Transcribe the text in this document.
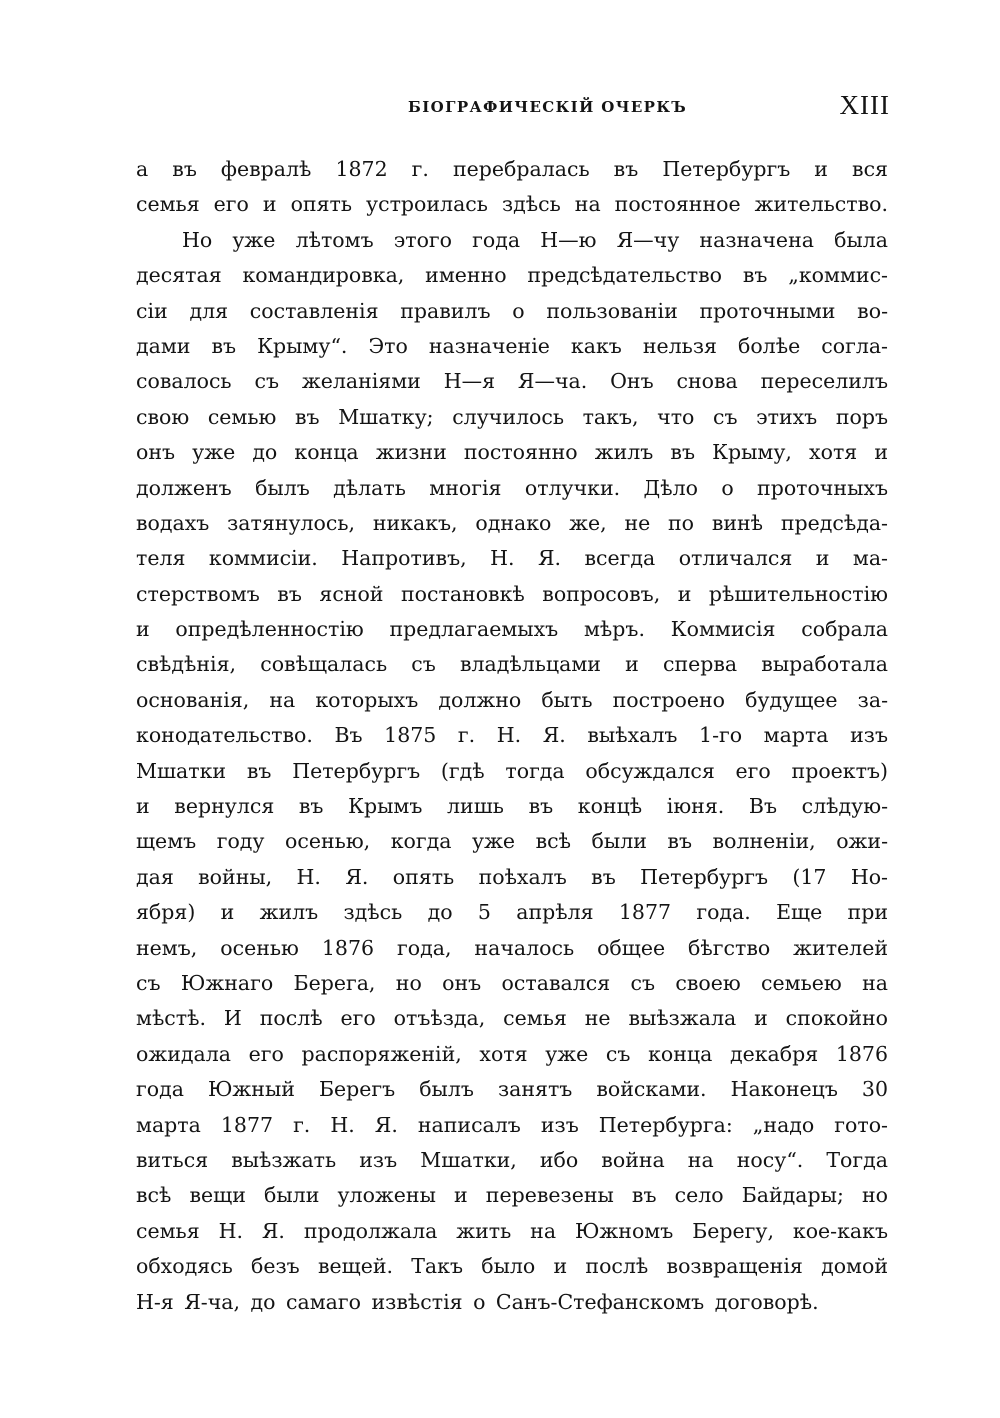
БIОГРАФИЧЕСКIЙ ОЧЕРКЪ	XIII
а въ февралѣ 1872 г. перебралась въ Петербургъ и вся
семья его и опять устроилась здѣсь на постоянное жительство.
Но уже лѣтомъ этого года Н—ю Я—чу назначена была
десятая командировка, именно предсѣдательство въ „коммис-
сiи для составленiя правилъ о пользованiи проточными во-
дами въ Крыму“. Это назначенiе какъ нельзя болѣе согла-
совалось съ желанiями Н—я Я—ча. Онъ снова переселилъ
свою семью въ Мшатку; случилось такъ, что съ этихъ поръ
онъ уже до конца жизни постоянно жилъ въ Крыму, хотя и
долженъ былъ дѣлать многiя отлучки. Дѣло о проточныхъ
водахъ затянулось, никакъ, однако же, не по винѣ предсѣда-
теля коммисiи. Напротивъ, Н. Я. всегда отличался и ма-
стерствомъ въ ясной постановкѣ вопросовъ, и рѣшительностiю
и опредѣленностiю предлагаемыхъ мѣръ. Коммисiя собрала
свѣдѣнiя, совѣщалась съ владѣльцами и сперва выработала
основанiя, на которыхъ должно быть построено будущее за-
конодательство. Въ 1875 г. Н. Я. выѣхалъ 1-го марта изъ
Мшатки въ Петербургъ (гдѣ тогда обсуждался его проектъ)
и вернулся въ Крымъ лишь въ концѣ iюня. Въ слѣдую-
щемъ году осенью, когда уже всѣ были въ волненiи, ожи-
дая войны, Н. Я. опять поѣхалъ въ Петербургъ (17 Но-
ября) и жилъ здѣсь до 5 апрѣля 1877 года. Еще при
немъ, осенью 1876 года, началось общее бѣгство жителей
съ Южнаго Берега, но онъ оставался съ своею семьею на
мѣстѣ. И послѣ его отъѣзда, семья не выѣзжала и спокойно
ожидала его распоряженiй, хотя уже съ конца декабря 1876
года Южный Берегъ былъ занятъ войсками. Наконецъ 30
марта 1877 г. Н. Я. написалъ изъ Петербурга: „надо гото-
виться выѣзжать изъ Мшатки, ибо война на носу“. Тогда
всѣ вещи были уложены и перевезены въ село Байдары; но
семья Н. Я. продолжала жить на Южномъ Берегу, кое-какъ
обходясь безъ вещей. Такъ было и послѣ возвращенiя домой
Н-я Я-ча, до самаго извѣстiя о Санъ-Стефанскомъ договорѣ.
